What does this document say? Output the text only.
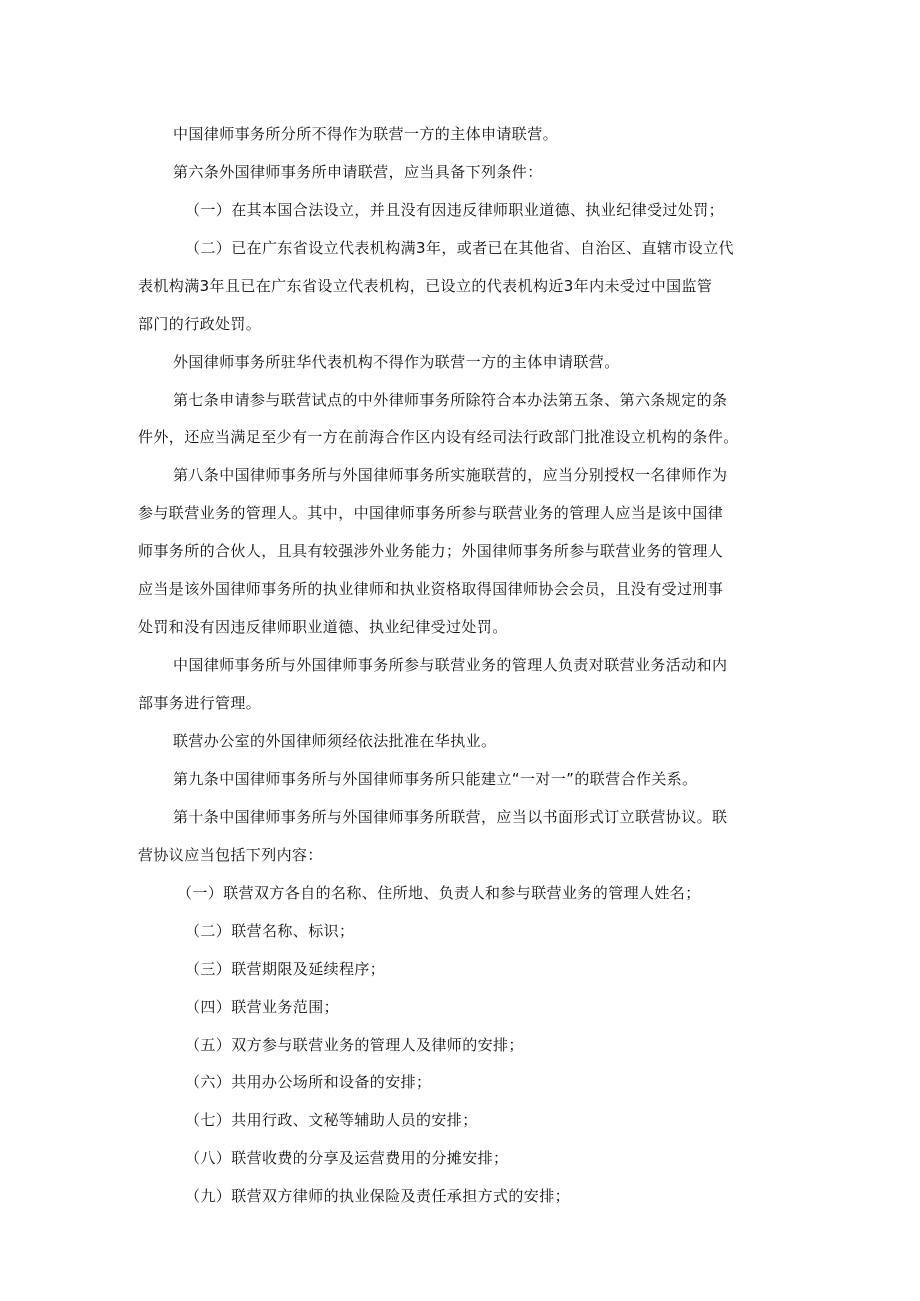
中国律师事务所分所不得作为联营一方的主体申请联营。
第六条外国律师事务所申请联营，应当具备下列条件：
（一）在其本国合法设立，并且没有因违反律师职业道德、执业纪律受过处罚；
（二）已在广东省设立代表机构满3年，或者已在其他省、自治区、直辖市设立代
表机构满3年且已在广东省设立代表机构，已设立的代表机构近3年内未受过中国监管
部门的行政处罚。
外国律师事务所驻华代表机构不得作为联营一方的主体申请联营。
第七条申请参与联营试点的中外律师事务所除符合本办法第五条、第六条规定的条
件外，还应当满足至少有一方在前海合作区内设有经司法行政部门批准设立机构的条件。
第八条中国律师事务所与外国律师事务所实施联营的，应当分别授权一名律师作为
参与联营业务的管理人。其中，中国律师事务所参与联营业务的管理人应当是该中国律
师事务所的合伙人，且具有较强涉外业务能力；外国律师事务所参与联营业务的管理人
应当是该外国律师事务所的执业律师和执业资格取得国律师协会会员，且没有受过刑事
处罚和没有因违反律师职业道德、执业纪律受过处罚。
中国律师事务所与外国律师事务所参与联营业务的管理人负责对联营业务活动和内
部事务进行管理。
联营办公室的外国律师须经依法批准在华执业。
第九条中国律师事务所与外国律师事务所只能建立“一对一”的联营合作关系。
第十条中国律师事务所与外国律师事务所联营，应当以书面形式订立联营协议。联
营协议应当包括下列内容：
（一）联营双方各自的名称、住所地、负责人和参与联营业务的管理人姓名；
（二）联营名称、标识；
（三）联营期限及延续程序；
（四）联营业务范围；
（五）双方参与联营业务的管理人及律师的安排；
（六）共用办公场所和设备的安排；
（七）共用行政、文秘等辅助人员的安排；
（八）联营收费的分享及运营费用的分摊安排；
（九）联营双方律师的执业保险及责任承担方式的安排；
